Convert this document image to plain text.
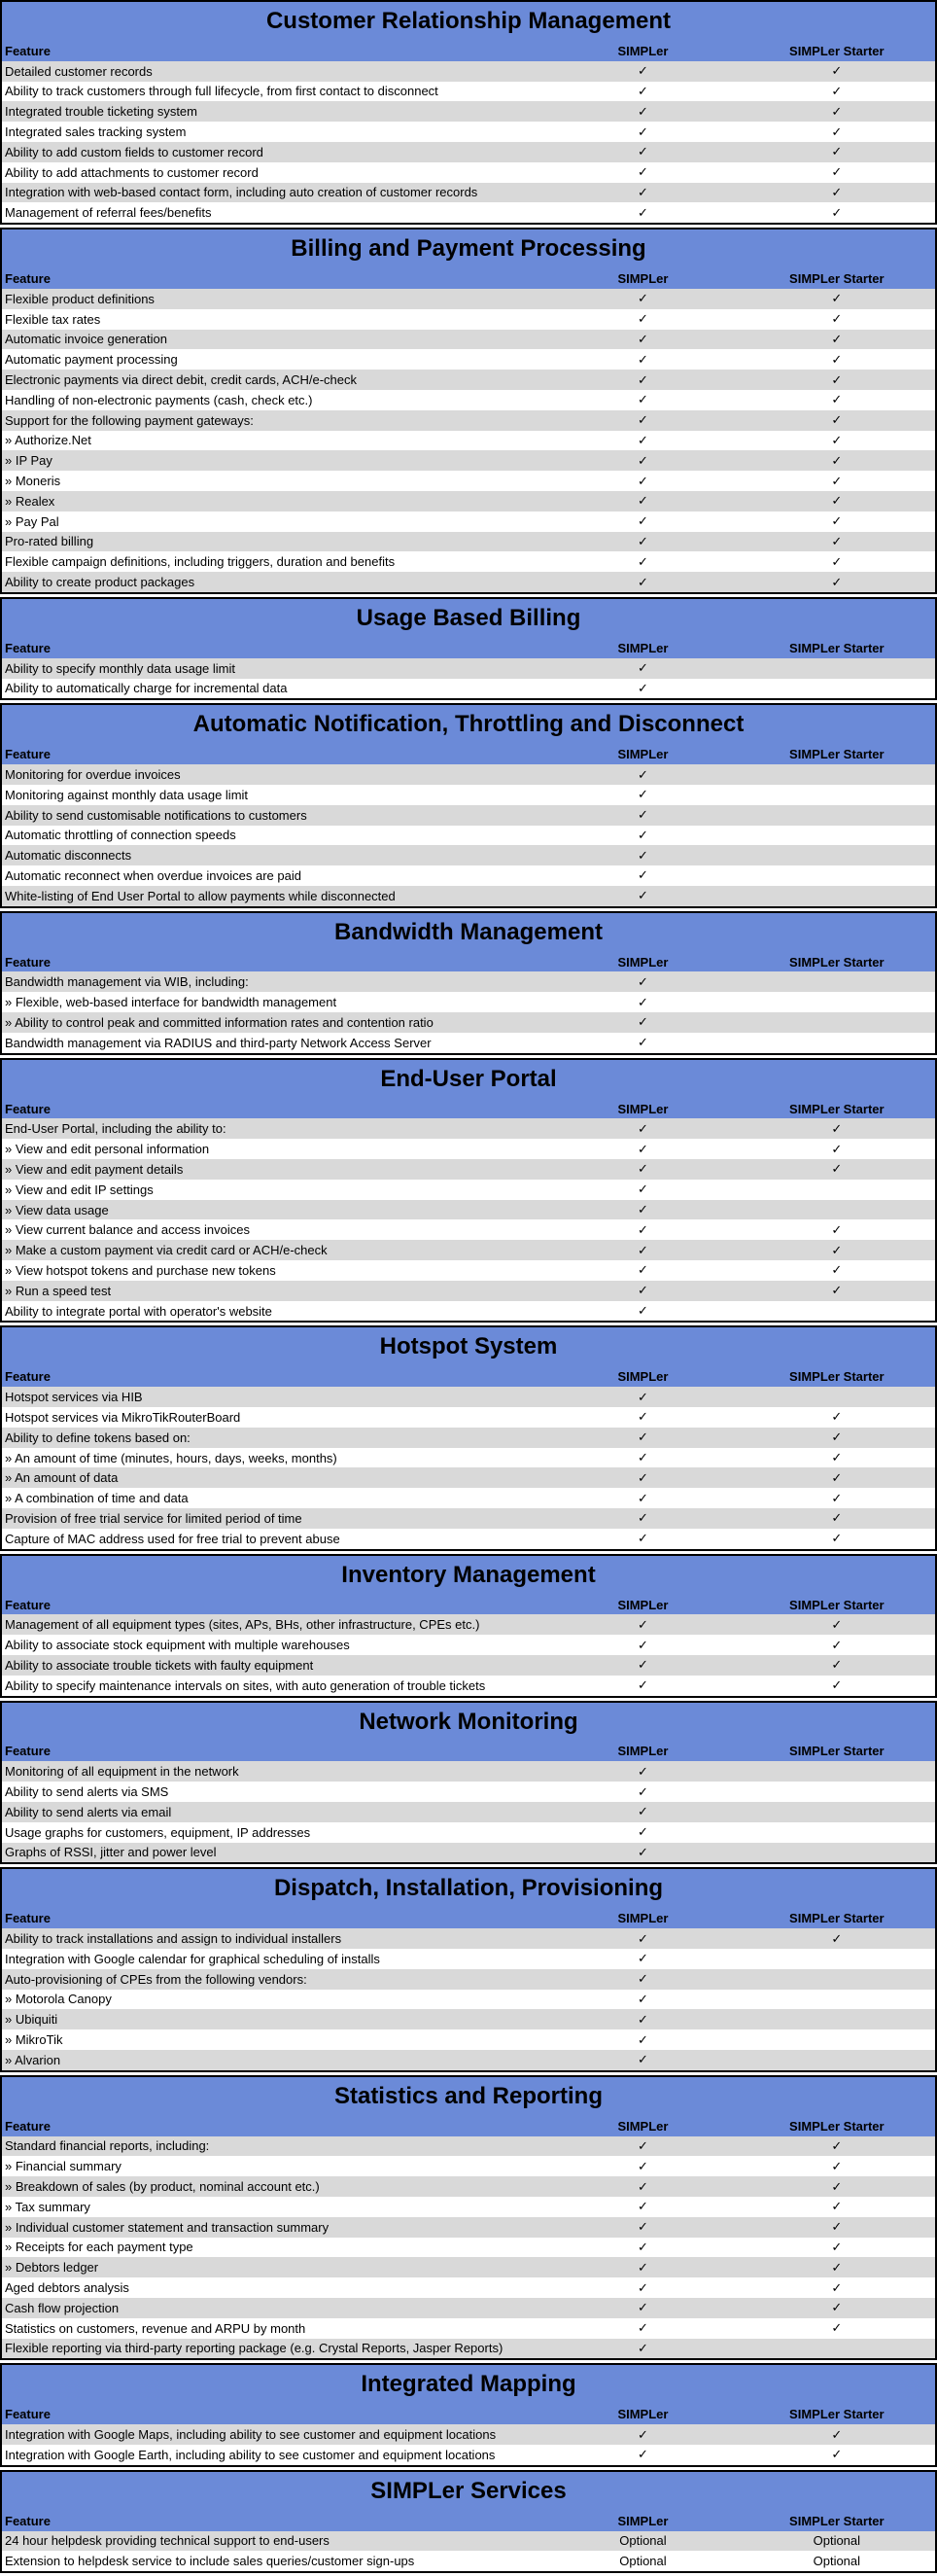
Customer Relationship Management
Feature	SIMPLer	SIMPLer Starter
Detailed customer records	✓	✓
Ability to track customers through full lifecycle, from first contact to disconnect	✓	✓
Integrated trouble ticketing system	✓	✓
Integrated sales tracking system	✓	✓
Ability to add custom fields to customer record	✓	✓
Ability to add attachments to customer record	✓	✓
Integration with web-based contact form, including auto creation of customer records	✓	✓
Management of referral fees/benefits	✓	✓
Billing and Payment Processing
Feature	SIMPLer	SIMPLer Starter
Flexible product definitions	✓	✓
Flexible tax rates	✓	✓
Automatic invoice generation	✓	✓
Automatic payment processing	✓	✓
Electronic payments via direct debit, credit cards, ACH/e-check	✓	✓
Handling of non-electronic payments (cash, check etc.)	✓	✓
Support for the following payment gateways:	✓	✓
» Authorize.Net	✓	✓
» IP Pay	✓	✓
» Moneris	✓	✓
» Realex	✓	✓
» Pay Pal	✓	✓
Pro-rated billing	✓	✓
Flexible campaign definitions, including triggers, duration and benefits	✓	✓
Ability to create product packages	✓	✓
Usage Based Billing
Feature	SIMPLer	SIMPLer Starter
Ability to specify monthly data usage limit	✓
Ability to automatically charge for incremental data	✓
Automatic Notification, Throttling and Disconnect
Feature	SIMPLer	SIMPLer Starter
Monitoring for overdue invoices	✓
Monitoring against monthly data usage limit	✓
Ability to send customisable notifications to customers	✓
Automatic throttling of connection speeds	✓
Automatic disconnects	✓
Automatic reconnect when overdue invoices are paid	✓
White-listing of End User Portal to allow payments while disconnected	✓
Bandwidth Management
Feature	SIMPLer	SIMPLer Starter
Bandwidth management via WIB, including:	✓
» Flexible, web-based interface for bandwidth management	✓
» Ability to control peak and committed information rates and contention ratio	✓
Bandwidth management via RADIUS and third-party Network Access Server	✓
End-User Portal
Feature	SIMPLer	SIMPLer Starter
End-User Portal, including the ability to:	✓	✓
» View and edit personal information	✓	✓
» View and edit payment details	✓	✓
» View and edit IP settings	✓
» View data usage	✓
» View current balance and access invoices	✓	✓
» Make a custom payment via credit card or ACH/e-check	✓	✓
» View hotspot tokens and purchase new tokens	✓	✓
» Run a speed test	✓	✓
Ability to integrate portal with operator's website	✓
Hotspot System
Feature	SIMPLer	SIMPLer Starter
Hotspot services via HIB	✓
Hotspot services via MikroTikRouterBoard	✓	✓
Ability to define tokens based on:	✓	✓
» An amount of time (minutes, hours, days, weeks, months)	✓	✓
» An amount of data	✓	✓
» A combination of time and data	✓	✓
Provision of free trial service for limited period of time	✓	✓
Capture of MAC address used for free trial to prevent abuse	✓	✓
Inventory Management
Feature	SIMPLer	SIMPLer Starter
Management of all equipment types (sites, APs, BHs, other infrastructure, CPEs etc.)	✓	✓
Ability to associate stock equipment with multiple warehouses	✓	✓
Ability to associate trouble tickets with faulty equipment	✓	✓
Ability to specify maintenance intervals on sites, with auto generation of trouble tickets	✓	✓
Network Monitoring
Feature	SIMPLer	SIMPLer Starter
Monitoring of all equipment in the network	✓
Ability to send alerts via SMS	✓
Ability to send alerts via email	✓
Usage graphs for customers, equipment, IP addresses	✓
Graphs of RSSI, jitter and power level	✓
Dispatch, Installation, Provisioning
Feature	SIMPLer	SIMPLer Starter
Ability to track installations and assign to individual installers	✓	✓
Integration with Google calendar for graphical scheduling of installs	✓
Auto-provisioning of CPEs from the following vendors:	✓
» Motorola Canopy	✓
» Ubiquiti	✓
» MikroTik	✓
» Alvarion	✓
Statistics and Reporting
Feature	SIMPLer	SIMPLer Starter
Standard financial reports, including:	✓	✓
» Financial summary	✓	✓
» Breakdown of sales (by product, nominal account etc.)	✓	✓
» Tax summary	✓	✓
» Individual customer statement and transaction summary	✓	✓
» Receipts for each payment type	✓	✓
» Debtors ledger	✓	✓
Aged debtors analysis	✓	✓
Cash flow projection	✓	✓
Statistics on customers, revenue and ARPU by month	✓	✓
Flexible reporting via third-party reporting package (e.g. Crystal Reports, Jasper Reports)	✓
Integrated Mapping
Feature	SIMPLer	SIMPLer Starter
Integration with Google Maps, including ability to see customer and equipment locations	✓	✓
Integration with Google Earth, including ability to see customer and equipment locations	✓	✓
SIMPLer Services
Feature	SIMPLer	SIMPLer Starter
24 hour helpdesk providing technical support to end-users	Optional	Optional
Extension to helpdesk service to include sales queries/customer sign-ups	Optional	Optional
